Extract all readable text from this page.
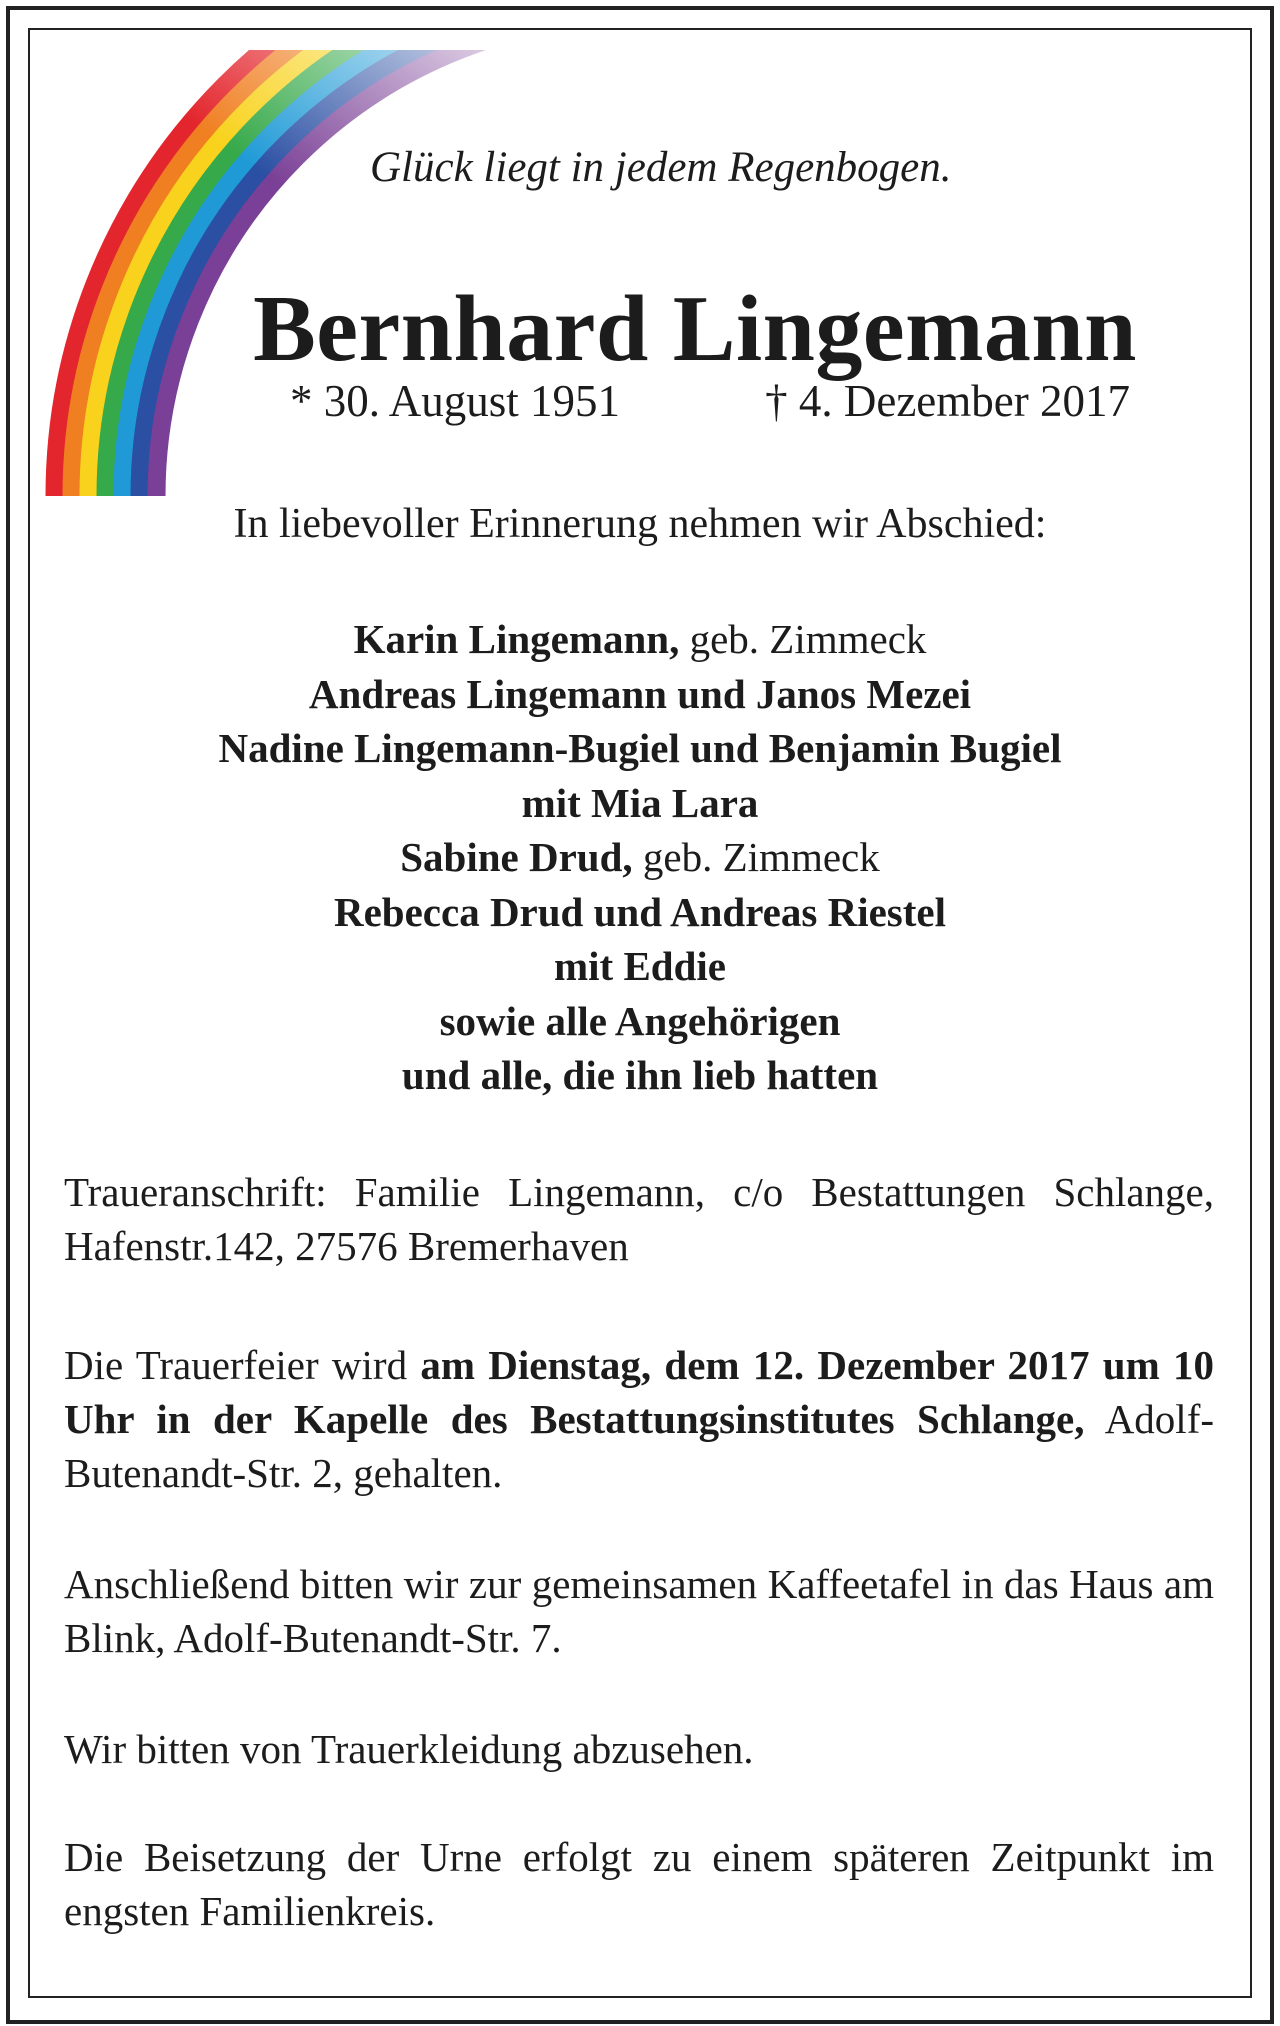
Glück liegt in jedem Regenbogen.
Bernhard Lingemann
* 30. August 1951	† 4. Dezember 2017
In liebevoller Erinnerung nehmen wir Abschied:
Karin Lingemann, geb. Zimmeck
Andreas Lingemann und Janos Mezei
Nadine Lingemann-Bugiel und Benjamin Bugiel
mit Mia Lara
Sabine Drud, geb. Zimmeck
Rebecca Drud und Andreas Riestel
mit Eddie
sowie alle Angehörigen
und alle, die ihn lieb hatten
Traueranschrift: Familie Lingemann, c/o Bestattungen Schlange, Hafenstr.142, 27576 Bremerhaven
Die Trauerfeier wird am Dienstag, dem 12. Dezember 2017 um 10 Uhr in der Kapelle des Bestattungsinstitutes Schlange, Adolf-Butenandt-Str. 2, gehalten.
Anschließend bitten wir zur gemeinsamen Kaffeetafel in das Haus am Blink, Adolf-Butenandt-Str. 7.
Wir bitten von Trauerkleidung abzusehen.
Die Beisetzung der Urne erfolgt zu einem späteren Zeitpunkt im engsten Familienkreis.
